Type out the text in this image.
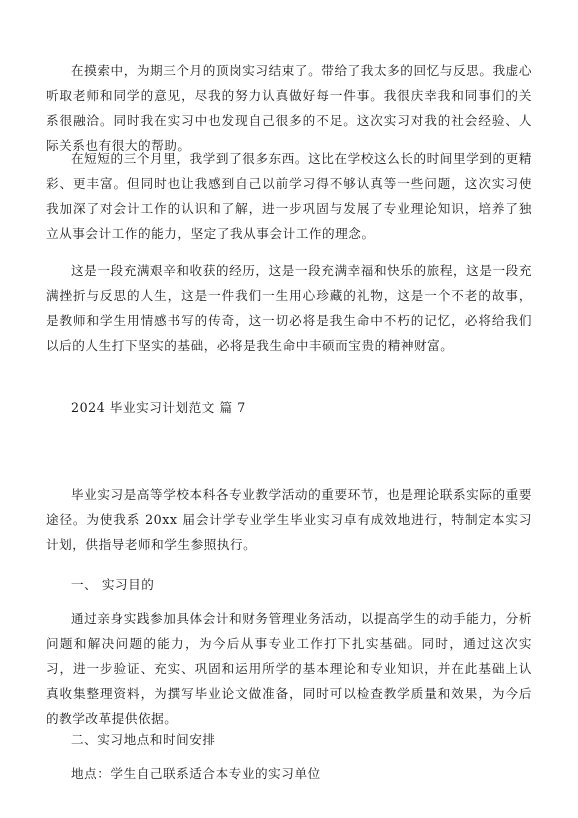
在摸索中，为期三个月的顶岗实习结束了。带给了我太多的回忆与反思。我虚心听取老师和同学的意见，尽我的努力认真做好每一件事。我很庆幸我和同事们的关系很融洽。同时我在实习中也发现自己很多的不足。这次实习对我的社会经验、人际关系也有很大的帮助。

在短短的三个月里，我学到了很多东西。这比在学校这么长的时间里学到的更精彩、更丰富。但同时也让我感到自己以前学习得不够认真等一些问题，这次实习使我加深了对会计工作的认识和了解，进一步巩固与发展了专业理论知识，培养了独立从事会计工作的能力，坚定了我从事会计工作的理念。

这是一段充满艰辛和收获的经历，这是一段充满幸福和快乐的旅程，这是一段充满挫折与反思的人生，这是一件我们一生用心珍藏的礼物，这是一个不老的故事，是教师和学生用情感书写的传奇，这一切必将是我生命中不朽的记忆，必将给我们以后的人生打下坚实的基础，必将是我生命中丰硕而宝贵的精神财富。

2024 毕业实习计划范文 篇 7

毕业实习是高等学校本科各专业教学活动的重要环节，也是理论联系实际的重要途径。为使我系 20xx 届会计学专业学生毕业实习卓有成效地进行，特制定本实习计划，供指导老师和学生参照执行。

一、 实习目的

通过亲身实践参加具体会计和财务管理业务活动，以提高学生的动手能力，分析问题和解决问题的能力，为今后从事专业工作打下扎实基础。同时，通过这次实习，进一步验证、充实、巩固和运用所学的基本理论和专业知识，并在此基础上认真收集整理资料，为撰写毕业论文做准备，同时可以检查教学质量和效果，为今后的教学改革提供依据。

二、实习地点和时间安排

地点：学生自己联系适合本专业的实习单位
